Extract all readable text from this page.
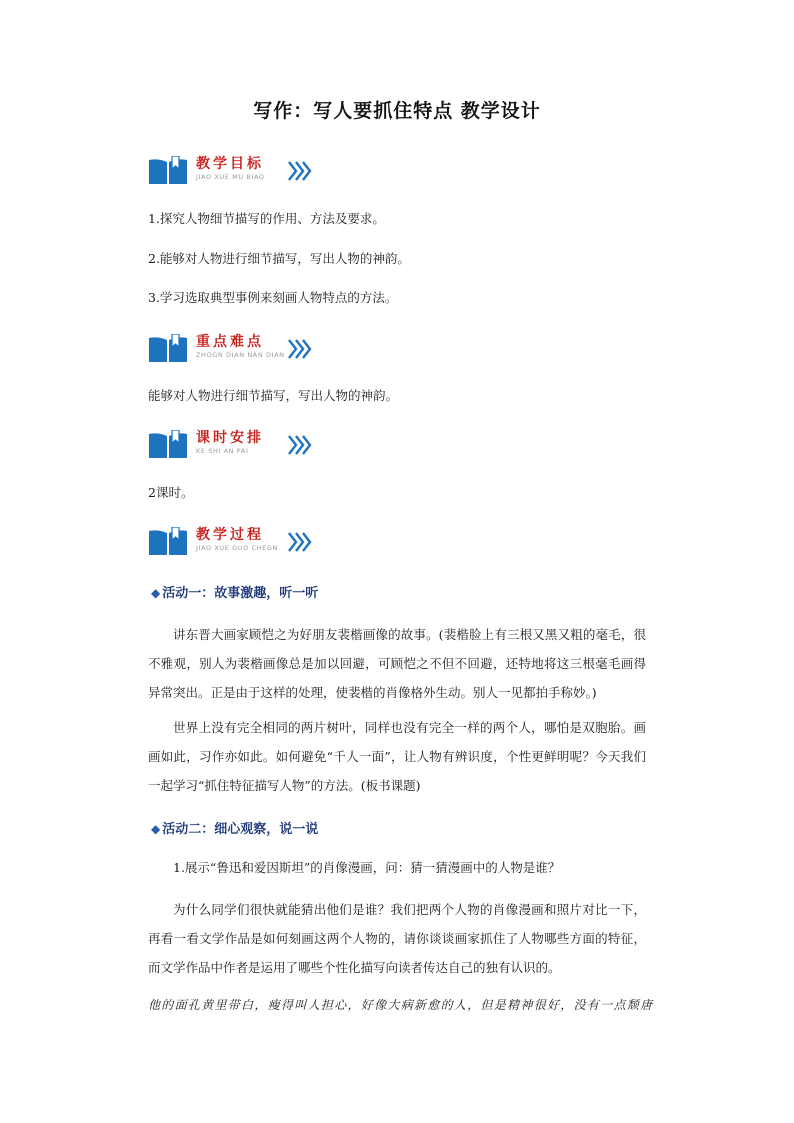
写作：写人要抓住特点 教学设计
教学目标
JIAO XUE MU BIAO
1.探究人物细节描写的作用、方法及要求。
2.能够对人物进行细节描写，写出人物的神韵。
3.学习选取典型事例来刻画人物特点的方法。
重点难点
ZHOGN DIAN NAN DIAN
能够对人物进行细节描写，写出人物的神韵。
课时安排
KE SHI AN PAI
2课时。
教学过程
JIAO XUE GUO CHEGN
◆ 活动一：故事激趣，听一听
讲东晋大画家顾恺之为好朋友裴楷画像的故事。(裴楷脸上有三根又黑又粗的毫毛，很不雅观，别人为裴楷画像总是加以回避，可顾恺之不但不回避，还特地将这三根毫毛画得异常突出。正是由于这样的处理，使裴楷的肖像格外生动。别人一见都拍手称妙。)
世界上没有完全相同的两片树叶，同样也没有完全一样的两个人，哪怕是双胞胎。画画如此，习作亦如此。如何避免“千人一面”，让人物有辨识度，个性更鲜明呢？今天我们一起学习“抓住特征描写人物”的方法。(板书课题)
◆ 活动二：细心观察，说一说
1.展示“鲁迅和爱因斯坦”的肖像漫画，问：猜一猜漫画中的人物是谁？
为什么同学们很快就能猜出他们是谁？我们把两个人物的肖像漫画和照片对比一下，再看一看文学作品是如何刻画这两个人物的，请你谈谈画家抓住了人物哪些方面的特征，而文学作品中作者是运用了哪些个性化描写向读者传达自己的独有认识的。
他的面孔黄里带白，瘦得叫人担心，好像大病新愈的人，但是精神很好，没有一点颓唐
